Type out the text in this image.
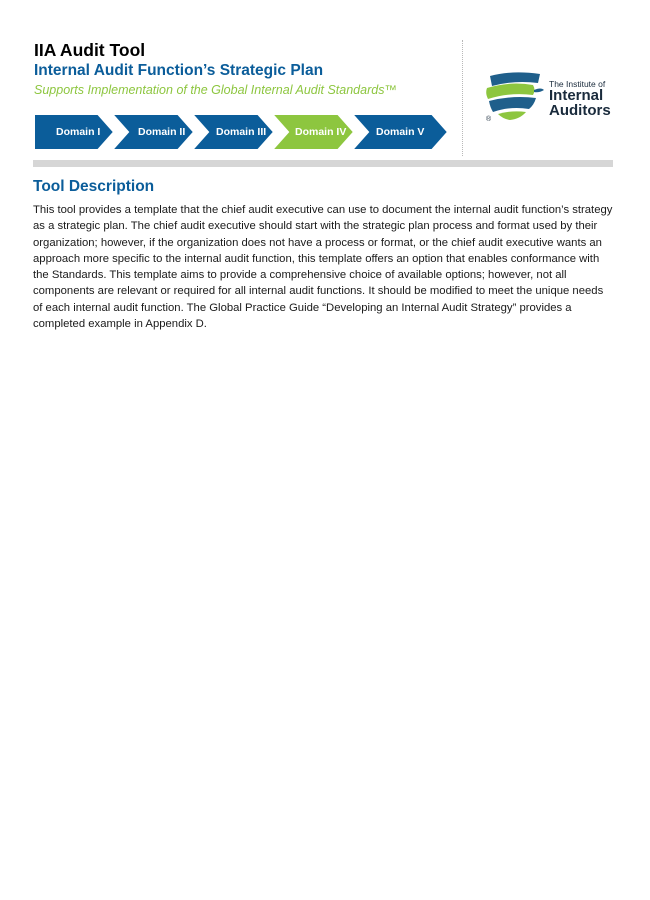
IIA Audit Tool
Internal Audit Function’s Strategic Plan

Supports Implementation of the Global Internal Audit Standards™

Domain I	Domain II	Domain III	Domain IV	Domain V
®
The Institute of
Internal
Auditors
Tool Description

This tool provides a template that the chief audit executive can use to document the internal audit function’s strategy as a strategic plan. The chief audit executive should start with the strategic plan process and format used by their organization; however, if the organization does not have a process or format, or the chief audit executive wants an approach more specific to the internal audit function, this template offers an option that enables conformance with the Standards. This template aims to provide a comprehensive choice of available options; however, not all components are relevant or required for all internal audit functions. It should be modified to meet the unique needs of each internal audit function. The Global Practice Guide “Developing an Internal Audit Strategy” provides a completed example in Appendix D.
